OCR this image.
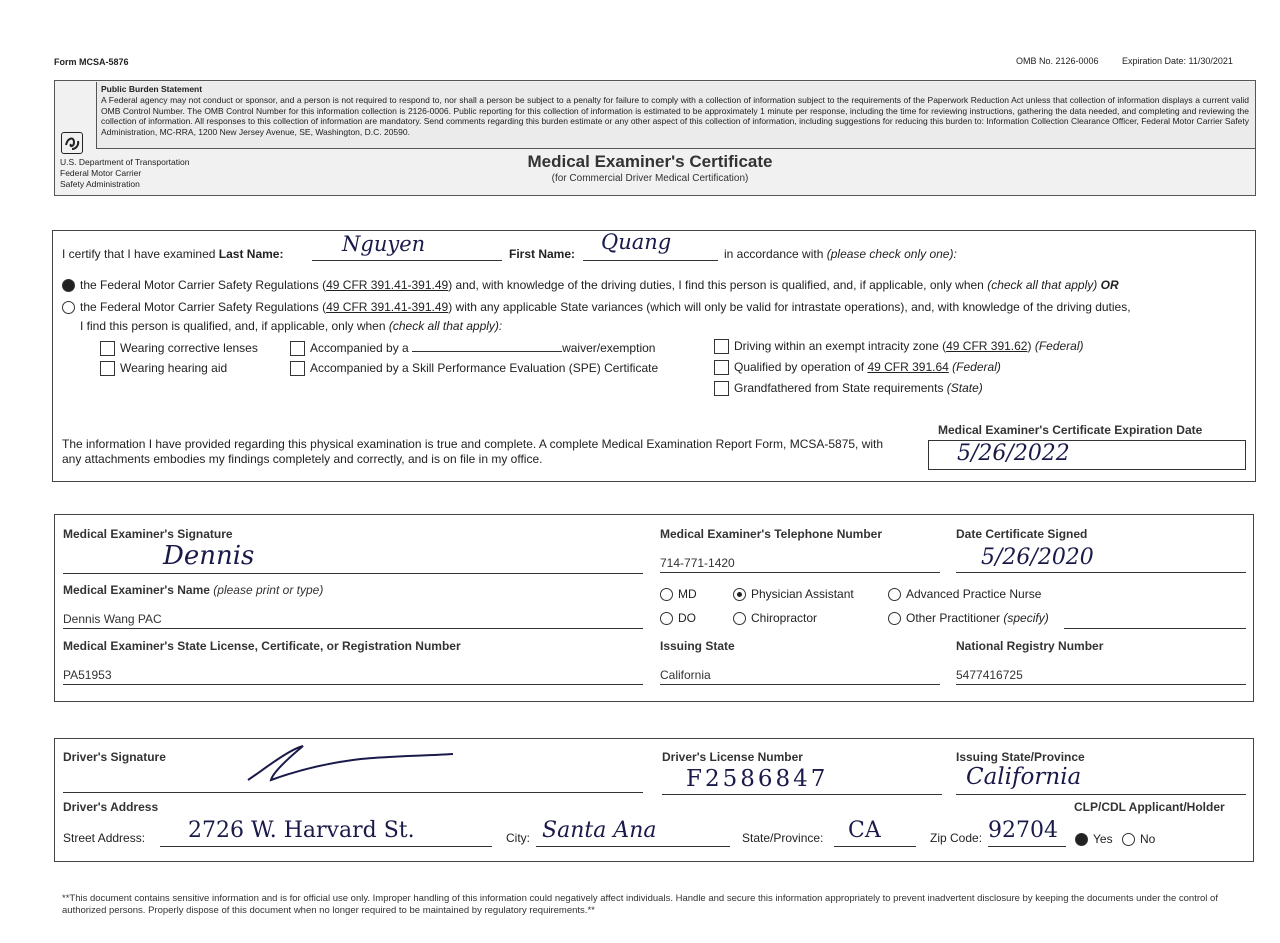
Form MCSA-5876	OMB No. 2126-0006	Expiration Date: 11/30/2021
Public Burden Statement
A Federal agency may not conduct or sponsor, and a person is not required to respond to, nor shall a person be subject to a penalty for failure to comply with a collection of information subject to the requirements of the Paperwork Reduction Act unless that collection of information displays a current valid OMB Control Number. The OMB Control Number for this information collection is 2126-0006. Public reporting for this collection of information is estimated to be approximately 1 minute per response, including the time for reviewing instructions, gathering the data needed, and completing and reviewing the collection of information. All responses to this collection of information are mandatory. Send comments regarding this burden estimate or any other aspect of this collection of information, including suggestions for reducing this burden to: Information Collection Clearance Officer, Federal Motor Carrier Safety Administration, MC-RRA, 1200 New Jersey Avenue, SE, Washington, D.C. 20590.
U.S. Department of Transportation
Federal Motor Carrier
Safety Administration
Medical Examiner's Certificate
(for Commercial Driver Medical Certification)
I certify that I have examined Last Name:	Nguyen	First Name: Quang	in accordance with (please check only one):
the Federal Motor Carrier Safety Regulations (49 CFR 391.41-391.49) and, with knowledge of the driving duties, I find this person is qualified, and, if applicable, only when (check all that apply) OR
the Federal Motor Carrier Safety Regulations (49 CFR 391.41-391.49) with any applicable State variances (which will only be valid for intrastate operations), and, with knowledge of the driving duties,
I find this person is qualified, and, if applicable, only when (check all that apply):
Wearing corrective lenses
Wearing hearing aid
Accompanied by a	waiver/exemption
Accompanied by a Skill Performance Evaluation (SPE) Certificate
Driving within an exempt intracity zone (49 CFR 391.62) (Federal)
Qualified by operation of 49 CFR 391.64 (Federal)
Grandfathered from State requirements (State)
The information I have provided regarding this physical examination is true and complete. A complete Medical Examination Report Form, MCSA-5875, with any attachments embodies my findings completely and correctly, and is on file in my office.
Medical Examiner's Certificate Expiration Date
5/26/2022
Medical Examiner's Signature
Dennis
Medical Examiner's Telephone Number
714-771-1420
Date Certificate Signed
5/26/2020
Medical Examiner's Name (please print or type)
Dennis Wang PAC
MD	Physician Assistant	Advanced Practice Nurse
DO	Chiropractor	Other Practitioner (specify)
Medical Examiner's State License, Certificate, or Registration Number
PA51953
Issuing State
California
National Registry Number
5477416725
Driver's Signature	Driver's License Number
F2586847
Issuing State/Province
California
Driver's Address	CLP/CDL Applicant/Holder
Street Address: 2726 W. Harvard St.	City: Santa Ana	State/Province: CA	Zip Code: 92704	Yes	No
**This document contains sensitive information and is for official use only. Improper handling of this information could negatively affect individuals. Handle and secure this information appropriately to prevent inadvertent disclosure by keeping the documents under the control of authorized persons. Properly dispose of this document when no longer required to be maintained by regulatory requirements.**
